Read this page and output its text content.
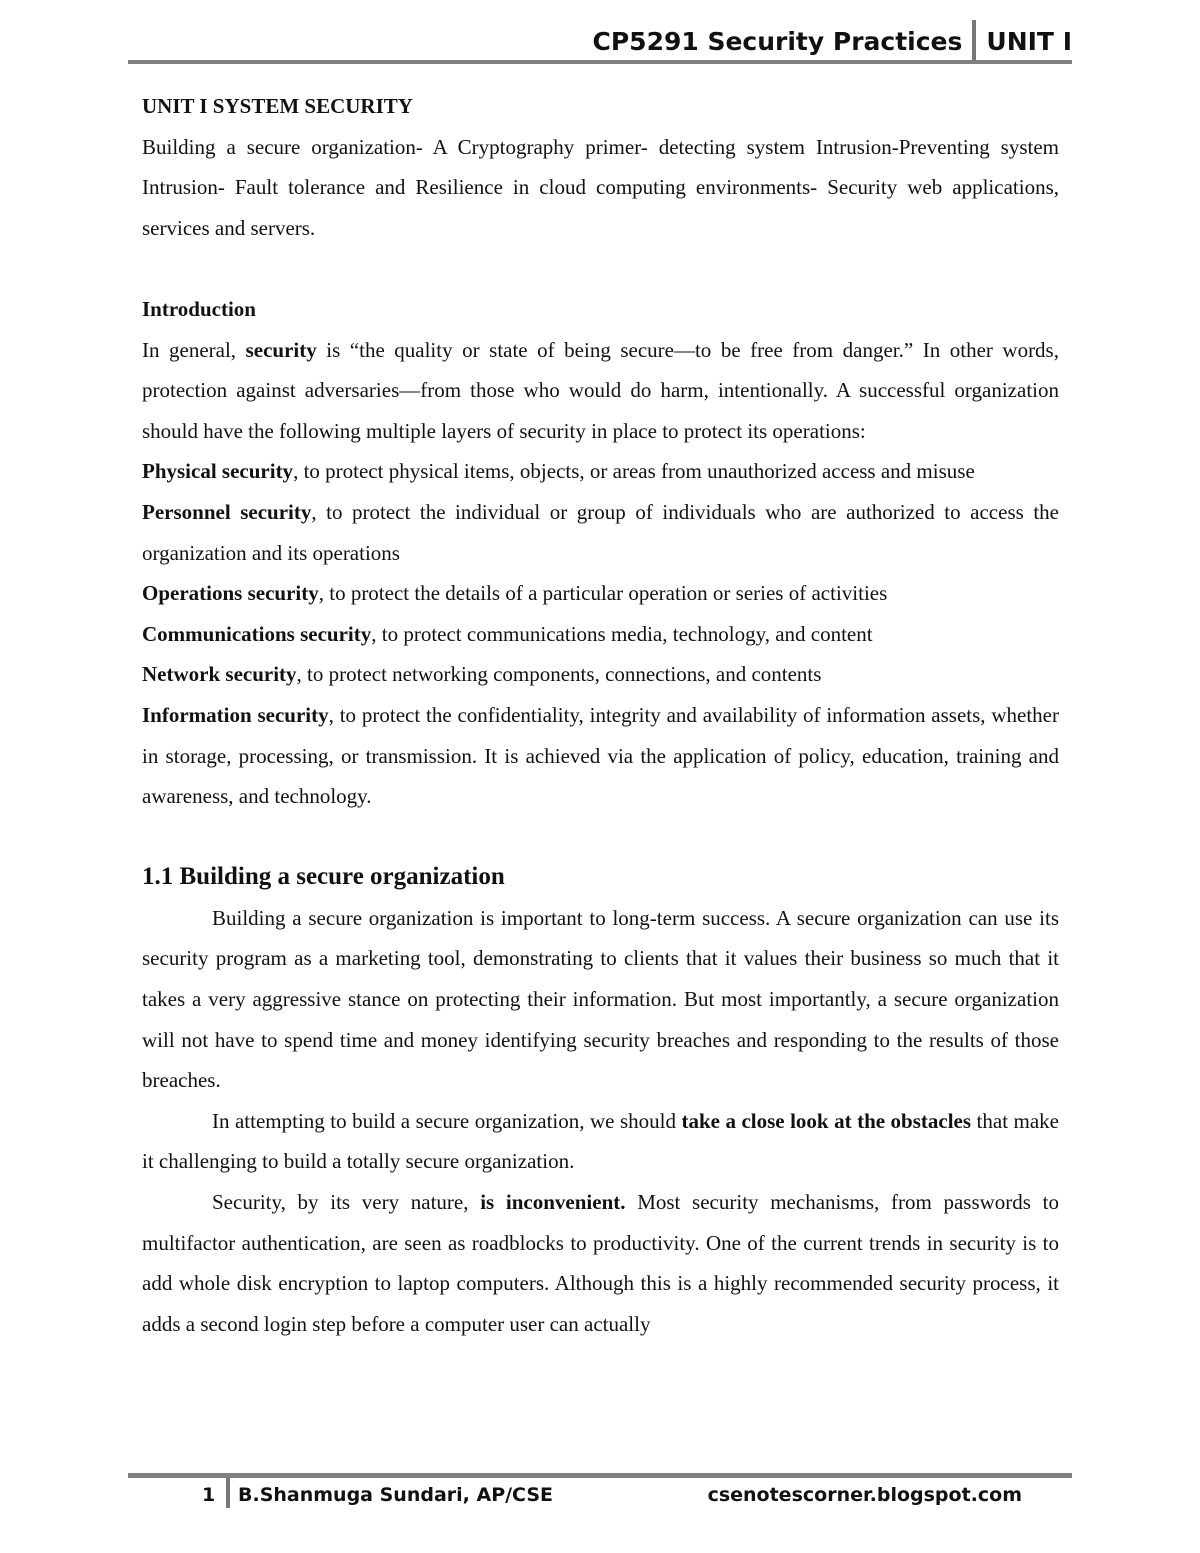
CP5291 Security Practices UNIT I

UNIT I SYSTEM SECURITY

Building a secure organization- A Cryptography primer- detecting system Intrusion-Preventing system Intrusion- Fault tolerance and Resilience in cloud computing environments- Security web applications, services and servers.

Introduction

In general, security is “the quality or state of being secure—to be free from danger.” In other words, protection against adversaries—from those who would do harm, intentionally. A successful organization should have the following multiple layers of security in place to protect its operations:

Physical security, to protect physical items, objects, or areas from unauthorized access and misuse

Personnel security, to protect the individual or group of individuals who are authorized to access the organization and its operations

Operations security, to protect the details of a particular operation or series of activities

Communications security, to protect communications media, technology, and content

Network security, to protect networking components, connections, and contents

Information security, to protect the confidentiality, integrity and availability of information assets, whether in storage, processing, or transmission. It is achieved via the application of policy, education, training and awareness, and technology.

1.1 Building a secure organization

Building a secure organization is important to long-term success. A secure organization can use its security program as a marketing tool, demonstrating to clients that it values their business so much that it takes a very aggressive stance on protecting their information. But most importantly, a secure organization will not have to spend time and money identifying security breaches and responding to the results of those breaches.

In attempting to build a secure organization, we should take a close look at the obstacles that make it challenging to build a totally secure organization.

Security, by its very nature, is inconvenient. Most security mechanisms, from passwords to multifactor authentication, are seen as roadblocks to productivity. One of the current trends in security is to add whole disk encryption to laptop computers. Although this is a highly recommended security process, it adds a second login step before a computer user can actually

1 B.Shanmuga Sundari, AP/CSE	csenotescorner.blogspot.com
